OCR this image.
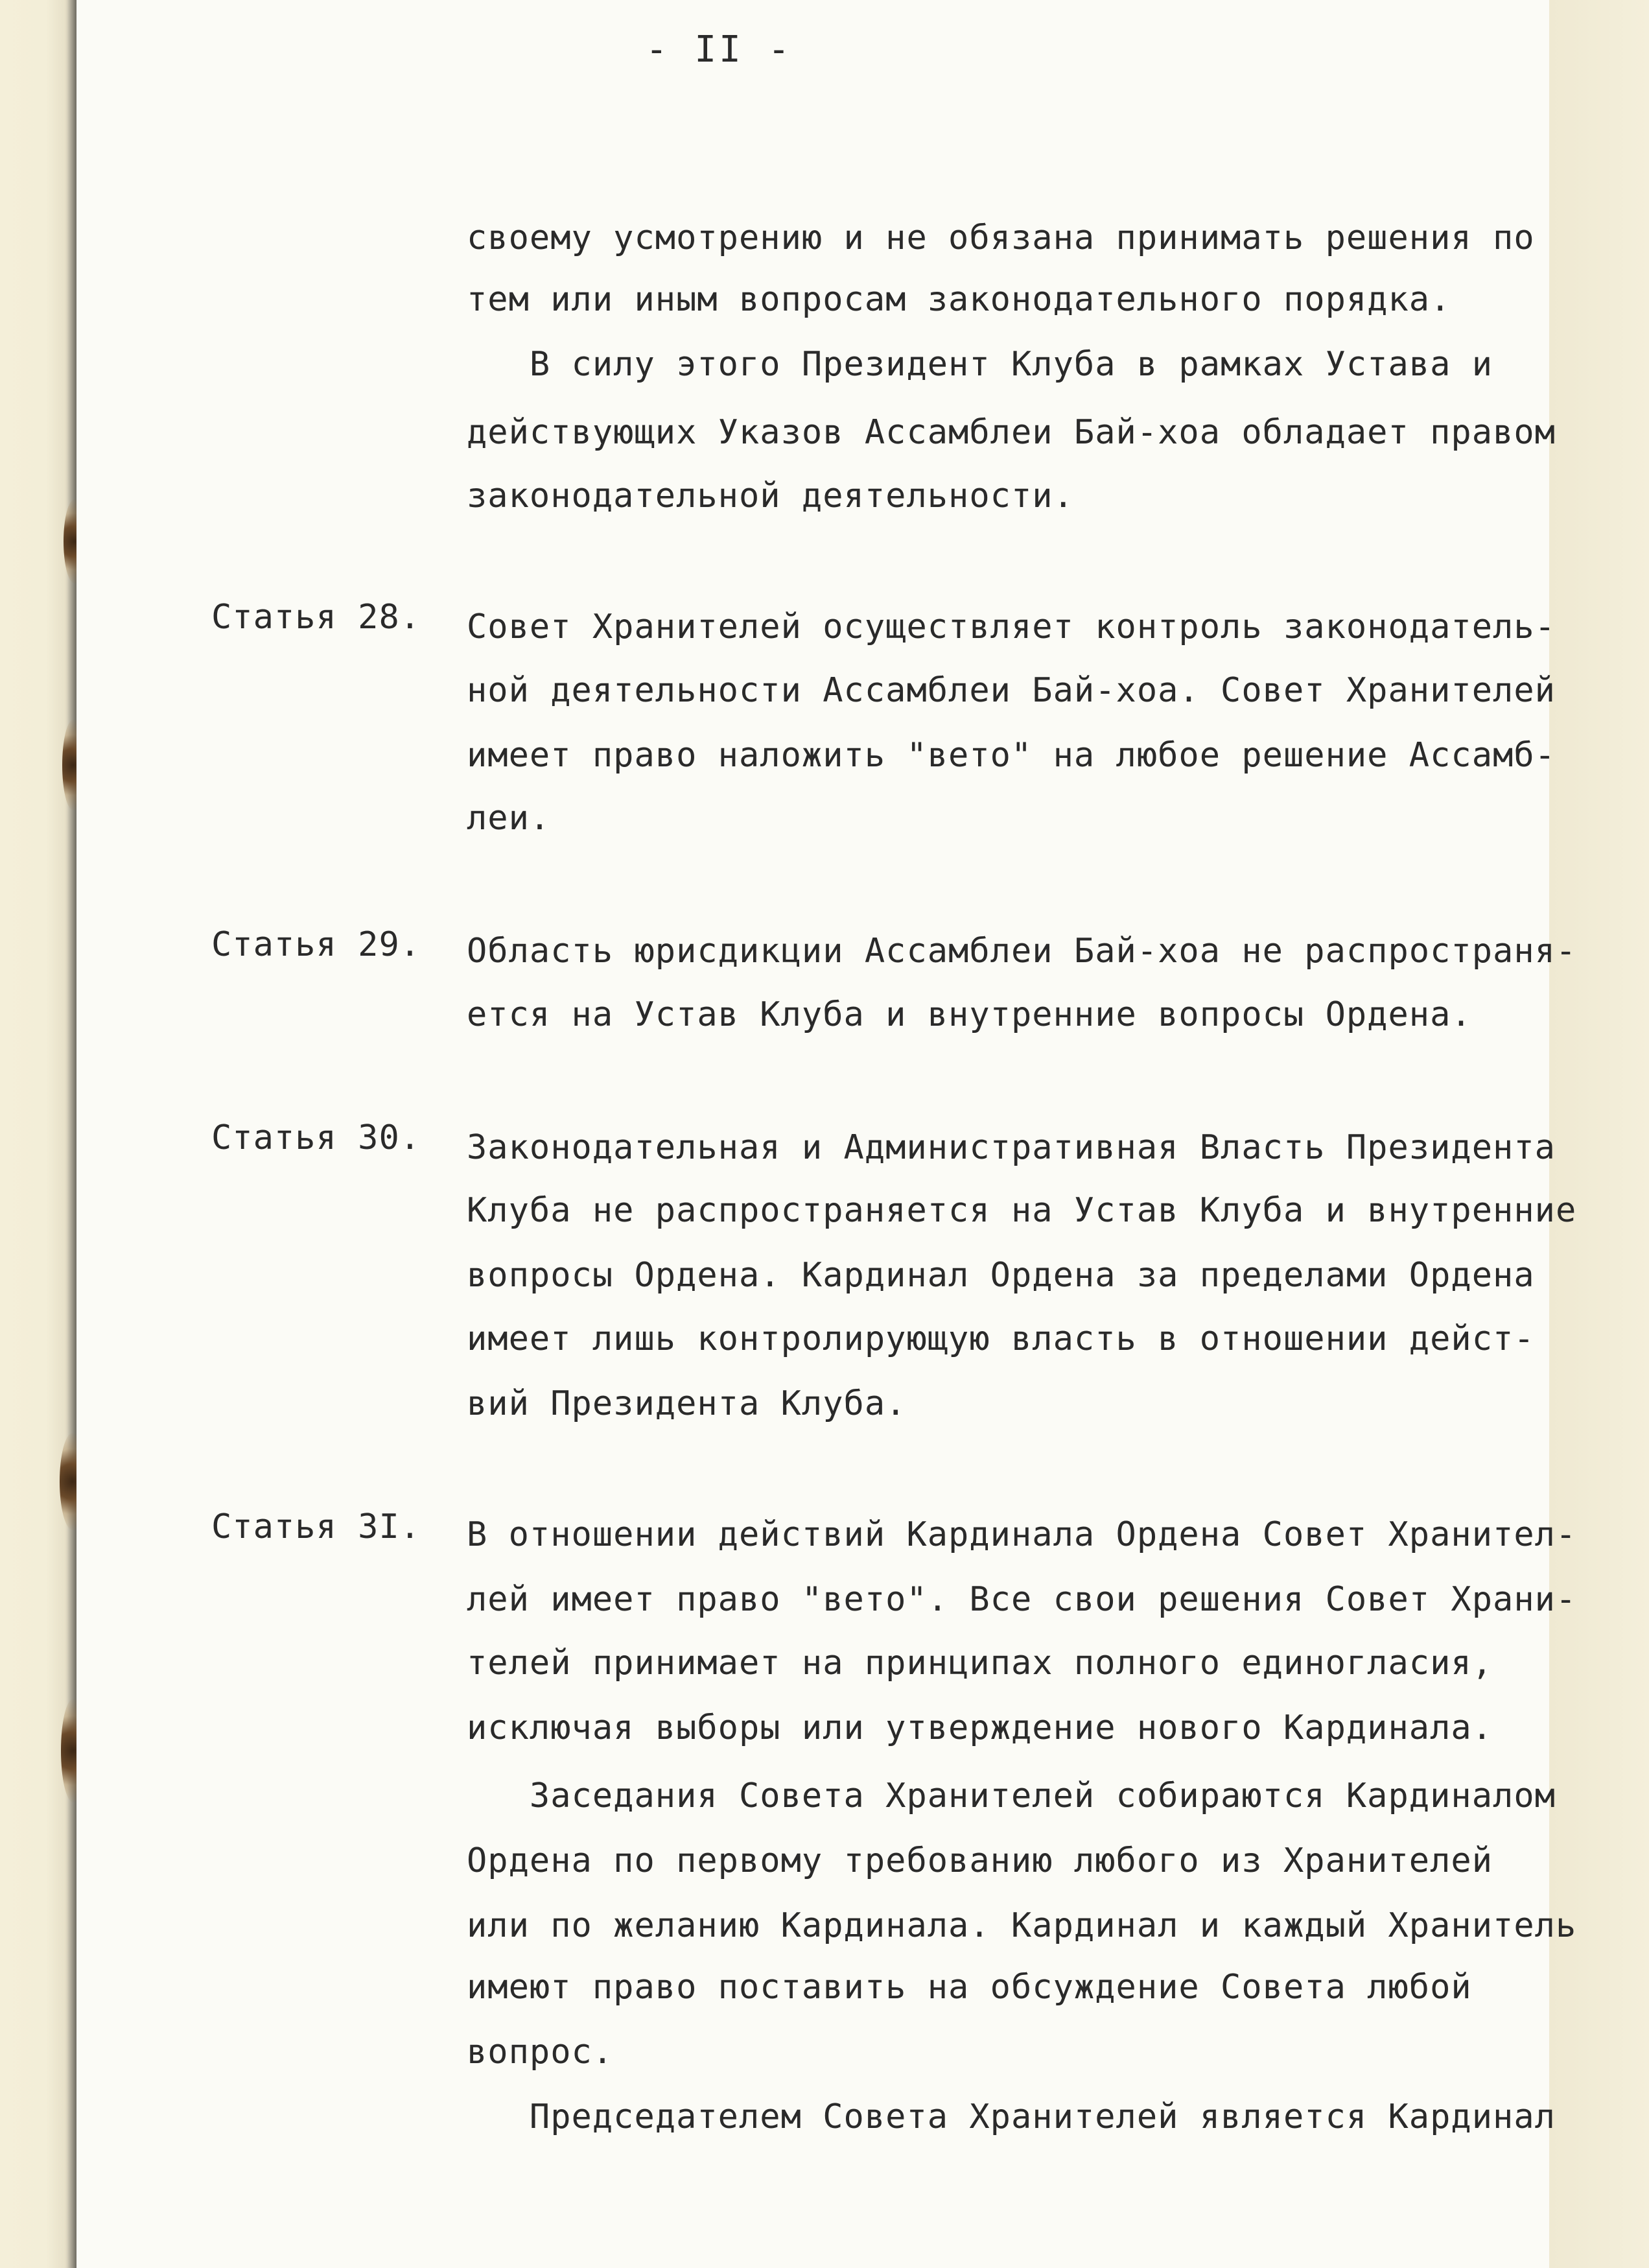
- II -
своему усмотрению и не обязана принимать решения по
тем или иным вопросам законодательного порядка.
В силу этого Президент Клуба в рамках Устава и
действующих Указов Ассамблеи Бай-хоа обладает правом
законодательной деятельности.
Статья 28. Совет Хранителей осуществляет контроль законодатель-
ной деятельности Ассамблеи Бай-хоа. Совет Хранителей
имеет право наложить "вето" на любое решение Ассамб-
леи.
Статья 29. Область юрисдикции Ассамблеи Бай-хоа не распространя-
ется на Устав Клуба и внутренние вопросы Ордена.
Статья 30. Законодательная и Административная Власть Президента
Клуба не распространяется на Устав Клуба и внутренние
вопросы Ордена. Кардинал Ордена за пределами Ордена
имеет лишь контролирующую власть в отношении дейст-
вий Президента Клуба.
Статья 3I. В отношении действий Кардинала Ордена Совет Хранител-
лей имеет право "вето". Все свои решения Совет Храни-
телей принимает на принципах полного единогласия,
исключая выборы или утверждение нового Кардинала.
Заседания Совета Хранителей собираются Кардиналом
Ордена по первому требованию любого из Хранителей
или по желанию Кардинала. Кардинал и каждый Хранитель
имеют право поставить на обсуждение Совета любой
вопрос.
Председателем Совета Хранителей является Кардинал
